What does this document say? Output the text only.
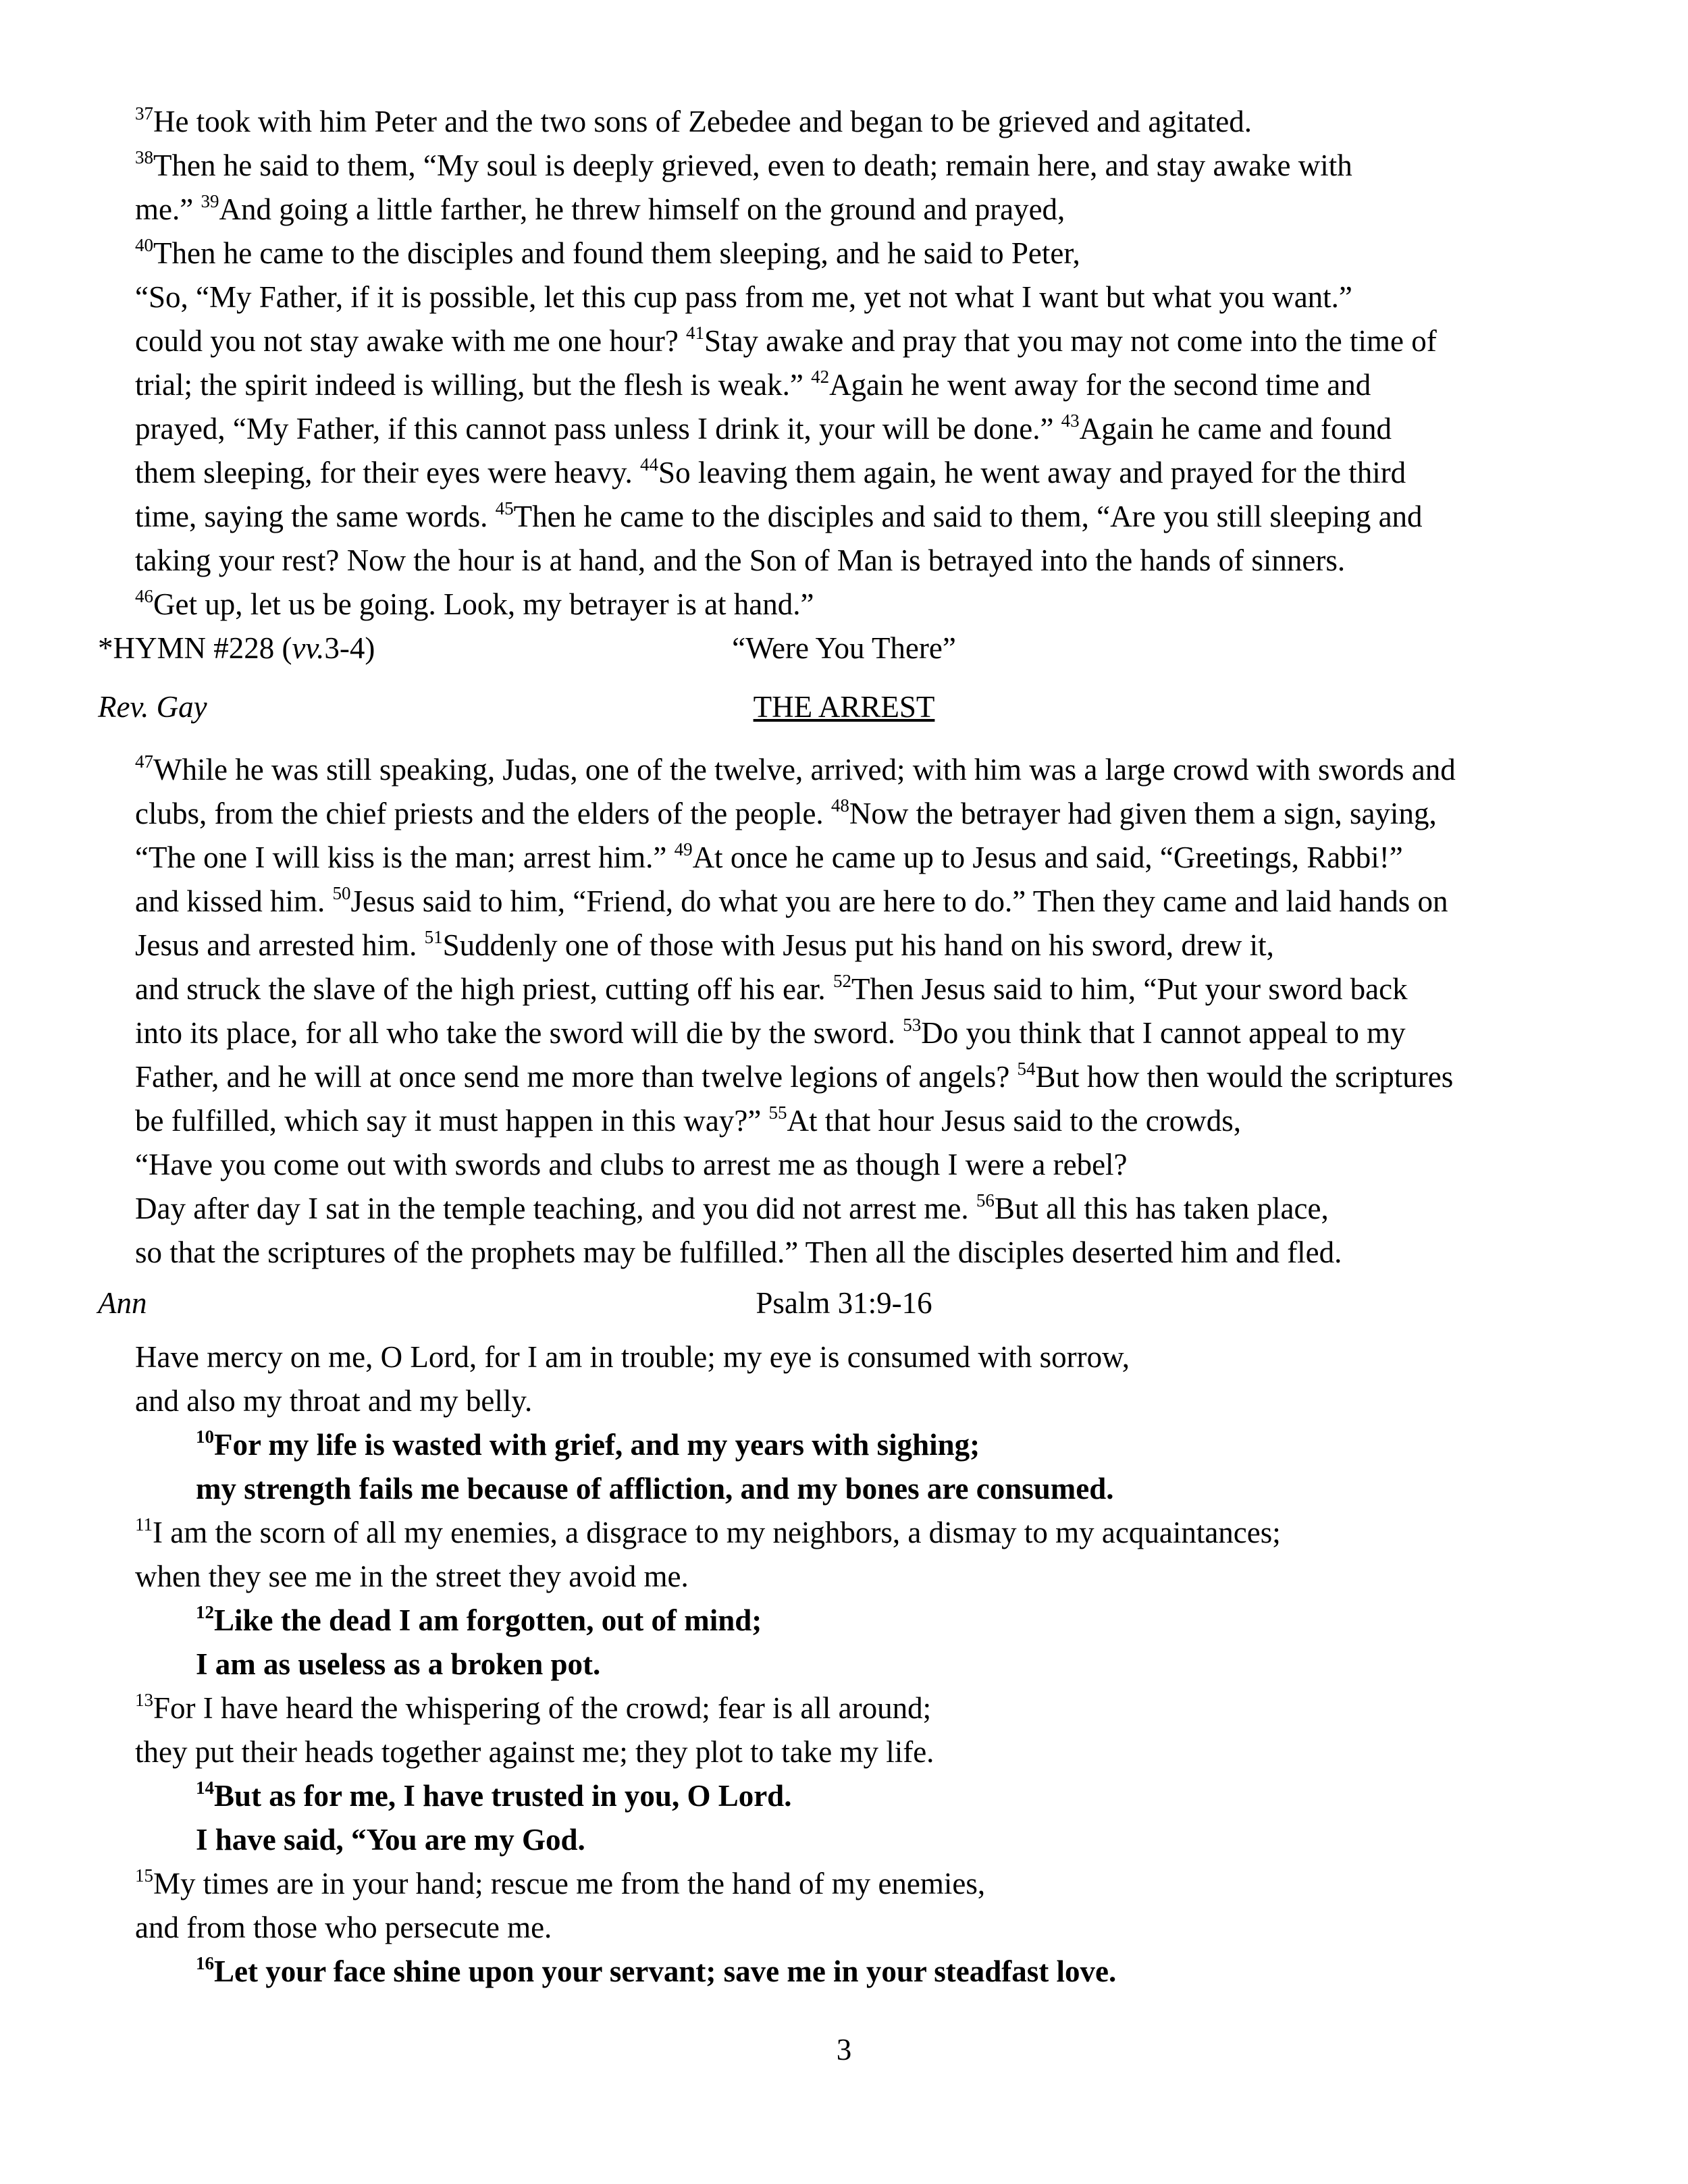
$^{37}$He took with him Peter and the two sons of Zebedee and began to be grieved and agitated.
$^{38}$Then he said to them, “My soul is deeply grieved, even to death; remain here, and stay awake with
me.” $^{39}$And going a little farther, he threw himself on the ground and prayed,
$^{40}$Then he came to the disciples and found them sleeping, and he said to Peter,
“So, “My Father, if it is possible, let this cup pass from me, yet not what I want but what you want.”
could you not stay awake with me one hour? $^{41}$Stay awake and pray that you may not come into the time of
trial; the spirit indeed is willing, but the flesh is weak.” $^{42}$Again he went away for the second time and
prayed, “My Father, if this cannot pass unless I drink it, your will be done.” $^{43}$Again he came and found
them sleeping, for their eyes were heavy. $^{44}$So leaving them again, he went away and prayed for the third
time, saying the same words. $^{45}$Then he came to the disciples and said to them, “Are you still sleeping and
taking your rest? Now the hour is at hand, and the Son of Man is betrayed into the hands of sinners.
$^{46}$Get up, let us be going. Look, my betrayer is at hand.”
*HYMN #228 (vv.3-4)	“Were You There”
Rev. Gay	THE ARREST
$^{47}$While he was still speaking, Judas, one of the twelve, arrived; with him was a large crowd with swords and
clubs, from the chief priests and the elders of the people. $^{48}$Now the betrayer had given them a sign, saying,
“The one I will kiss is the man; arrest him.” $^{49}$At once he came up to Jesus and said, “Greetings, Rabbi!”
and kissed him. $^{50}$Jesus said to him, “Friend, do what you are here to do.” Then they came and laid hands on
Jesus and arrested him. $^{51}$Suddenly one of those with Jesus put his hand on his sword, drew it,
and struck the slave of the high priest, cutting off his ear. $^{52}$Then Jesus said to him, “Put your sword back
into its place, for all who take the sword will die by the sword. $^{53}$Do you think that I cannot appeal to my
Father, and he will at once send me more than twelve legions of angels? $^{54}$But how then would the scriptures
be fulfilled, which say it must happen in this way?” $^{55}$At that hour Jesus said to the crowds,
“Have you come out with swords and clubs to arrest me as though I were a rebel?
Day after day I sat in the temple teaching, and you did not arrest me. $^{56}$But all this has taken place,
so that the scriptures of the prophets may be fulfilled.” Then all the disciples deserted him and fled.
Ann	Psalm 31:9-16
Have mercy on me, O Lord, for I am in trouble; my eye is consumed with sorrow,
and also my throat and my belly.
$^{10}$For my life is wasted with grief, and my years with sighing;
my strength fails me because of affliction, and my bones are consumed.
$^{11}$I am the scorn of all my enemies, a disgrace to my neighbors, a dismay to my acquaintances;
when they see me in the street they avoid me.
$^{12}$Like the dead I am forgotten, out of mind;
I am as useless as a broken pot.
$^{13}$For I have heard the whispering of the crowd; fear is all around;
they put their heads together against me; they plot to take my life.
$^{14}$But as for me, I have trusted in you, O Lord.
I have said, “You are my God.
$^{15}$My times are in your hand; rescue me from the hand of my enemies,
and from those who persecute me.
$^{16}$Let your face shine upon your servant; save me in your steadfast love.
3
